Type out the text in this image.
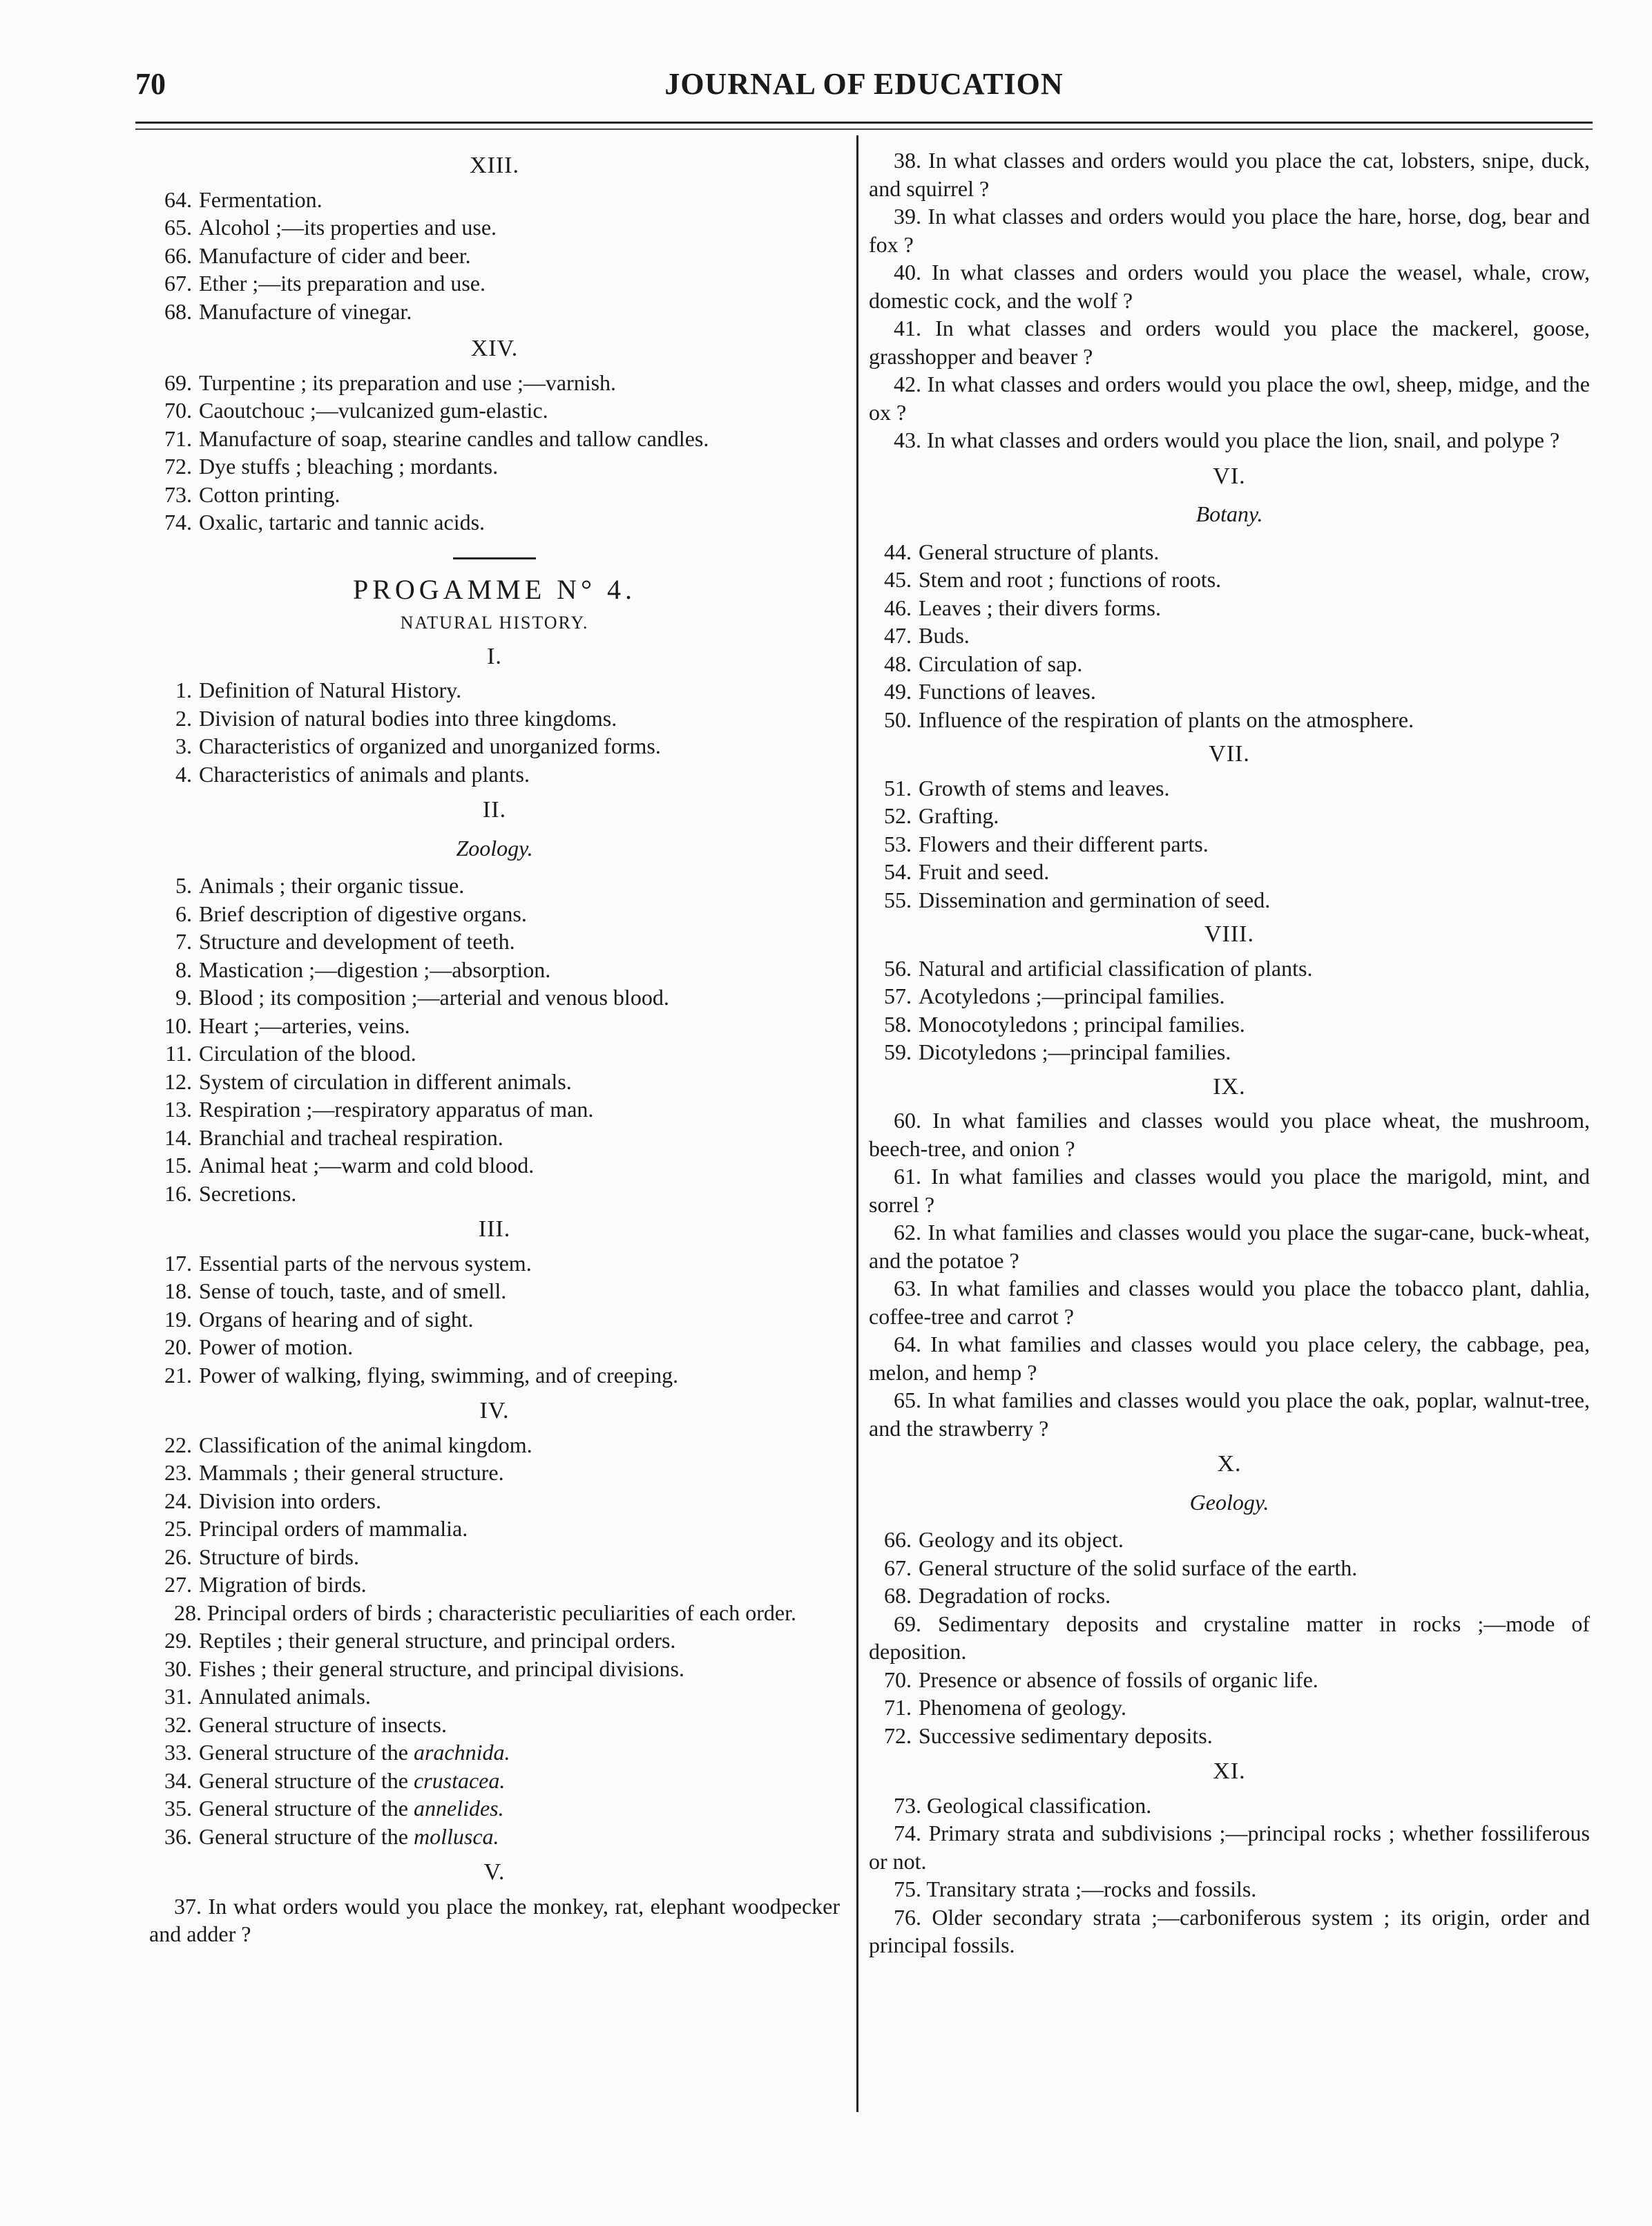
70	JOURNAL OF EDUCATION
XIII.
64. Fermentation.
65. Alcohol ;—its properties and use.
66. Manufacture of cider and beer.
67. Ether ;—its preparation and use.
68. Manufacture of vinegar.
XIV.
69. Turpentine ; its preparation and use ;—varnish.
70. Caoutchouc ;—vulcanized gum-elastic.
71. Manufacture of soap, stearine candles and tallow candles.
72. Dye stuffs ; bleaching ; mordants.
73. Cotton printing.
74. Oxalic, tartaric and tannic acids.
PROGAMME N° 4.
NATURAL HISTORY.
I.
1. Definition of Natural History.
2. Division of natural bodies into three kingdoms.
3. Characteristics of organized and unorganized forms.
4. Characteristics of animals and plants.
II.
Zoology.
5. Animals ; their organic tissue.
6. Brief description of digestive organs.
7. Structure and development of teeth.
8. Mastication ;—digestion ;—absorption.
9. Blood ; its composition ;—arterial and venous blood.
10. Heart ;—arteries, veins.
11. Circulation of the blood.
12. System of circulation in different animals.
13. Respiration ;—respiratory apparatus of man.
14. Branchial and tracheal respiration.
15. Animal heat ;—warm and cold blood.
16. Secretions.
III.
17. Essential parts of the nervous system.
18. Sense of touch, taste, and of smell.
19. Organs of hearing and of sight.
20. Power of motion.
21. Power of walking, flying, swimming, and of creeping.
IV.
22. Classification of the animal kingdom.
23. Mammals ; their general structure.
24. Division into orders.
25. Principal orders of mammalia.
26. Structure of birds.
27. Migration of birds.
28. Principal orders of birds ; characteristic peculiarities of each order.
29. Reptiles ; their general structure, and principal orders.
30. Fishes ; their general structure, and principal divisions.
31. Annulated animals.
32. General structure of insects.
33. General structure of the arachnida.
34. General structure of the crustacea.
35. General structure of the annelides.
36. General structure of the mollusca.
V.
37. In what orders would you place the monkey, rat, elephant woodpecker and adder ?
38. In what classes and orders would you place the cat, lobsters, snipe, duck, and squirrel ?
39. In what classes and orders would you place the hare, horse, dog, bear and fox ?
40. In what classes and orders would you place the weasel, whale, crow, domestic cock, and the wolf ?
41. In what classes and orders would you place the mackerel, goose, grasshopper and beaver ?
42. In what classes and orders would you place the owl, sheep, midge, and the ox ?
43. In what classes and orders would you place the lion, snail, and polype ?
VI.
Botany.
44. General structure of plants.
45. Stem and root ; functions of roots.
46. Leaves ; their divers forms.
47. Buds.
48. Circulation of sap.
49. Functions of leaves.
50. Influence of the respiration of plants on the atmosphere.
VII.
51. Growth of stems and leaves.
52. Grafting.
53. Flowers and their different parts.
54. Fruit and seed.
55. Dissemination and germination of seed.
VIII.
56. Natural and artificial classification of plants.
57. Acotyledons ;—principal families.
58. Monocotyledons ; principal families.
59. Dicotyledons ;—principal families.
IX.
60. In what families and classes would you place wheat, the mushroom, beech-tree, and onion ?
61. In what families and classes would you place the marigold, mint, and sorrel ?
62. In what families and classes would you place the sugar-cane, buck-wheat, and the potatoe ?
63. In what families and classes would you place the tobacco plant, dahlia, coffee-tree and carrot ?
64. In what families and classes would you place celery, the cabbage, pea, melon, and hemp ?
65. In what families and classes would you place the oak, poplar, walnut-tree, and the strawberry ?
X.
Geology.
66. Geology and its object.
67. General structure of the solid surface of the earth.
68. Degradation of rocks.
69. Sedimentary deposits and crystaline matter in rocks ;—mode of deposition.
70. Presence or absence of fossils of organic life.
71. Phenomena of geology.
72. Successive sedimentary deposits.
XI.
73. Geological classification.
74. Primary strata and subdivisions ;—principal rocks ; whether fossiliferous or not.
75. Transitary strata ;—rocks and fossils.
76. Older secondary strata ;—carboniferous system ; its origin, order and principal fossils.
